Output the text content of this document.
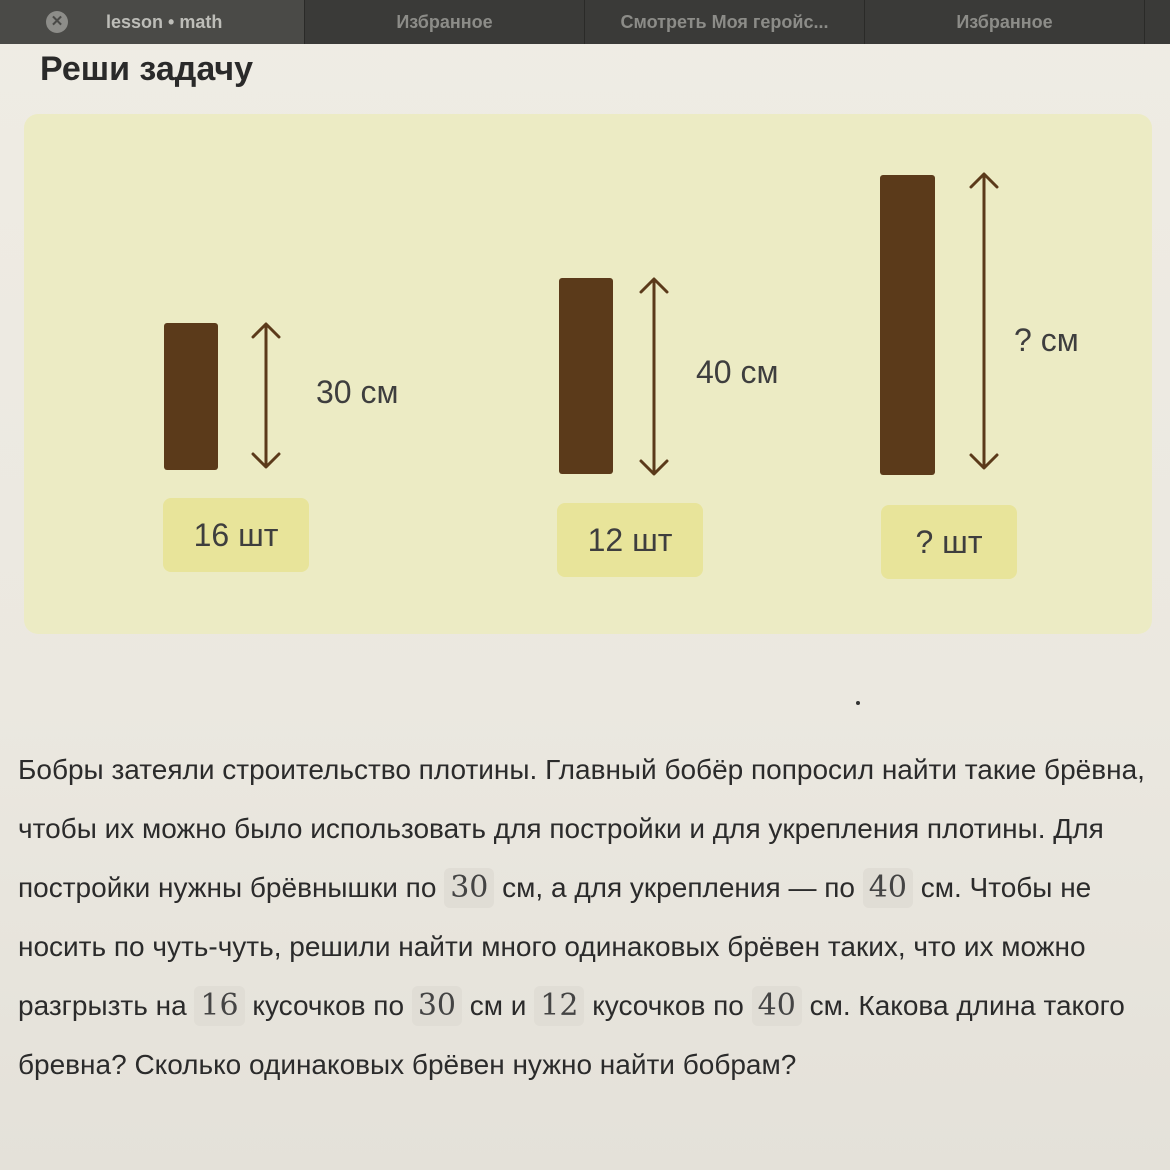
✕ lesson • math	Избранное	Смотреть Моя геройс...	Избранное
Реши задачу
30 см
16 шт
40 см
12 шт
? см
? шт
Бобры затеяли строительство плотины. Главный бобёр попросил найти такие брёвна, чтобы их можно было использовать для постройки и для укрепления плотины. Для постройки нужны брёвнышки по 30 см, а для укрепления — по 40 см. Чтобы не носить по чуть-чуть, решили найти много одинаковых брёвен таких, что их можно разгрызть на 16 кусочков по 30 см и 12 кусочков по 40 см. Какова длина такого бревна? Сколько одинаковых брёвен нужно найти бобрам?
